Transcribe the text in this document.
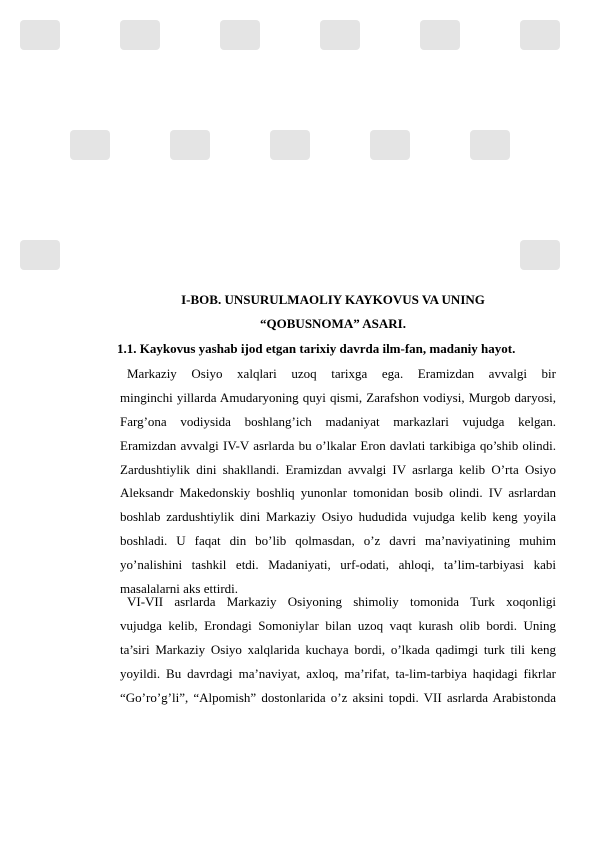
I-BOB. UNSURULMAOLIY KAYKOVUS VA UNING

“QOBUSNOMA” ASARI.

1.1. Kaykovus yashab ijod etgan tarixiy davrda ilm-fan, madaniy hayot.

Markaziy Osiyo xalqlari uzoq tarixga ega. Eramizdan avvalgi bir
minginchi yillarda Amudaryoning quyi qismi, Zarafshon vodiysi, Murgob daryosi,
Farg’ona vodiysida boshlang’ich madaniyat markazlari vujudga kelgan.
Eramizdan avvalgi IV-V asrlarda bu o’lkalar Eron davlati tarkibiga qo’shib olindi.
Zardushtiylik dini shakllandi. Eramizdan avvalgi IV asrlarga kelib O’rta Osiyo
Aleksandr Makedonskiy boshliq yunonlar tomonidan bosib olindi. IV asrlardan
boshlab zardushtiylik dini Markaziy Osiyo hududida vujudga kelib keng yoyila
boshladi. U faqat din bo’lib qolmasdan, o’z davri ma’naviyatining muhim
yo’nalishini tashkil etdi. Madaniyati, urf-odati, ahloqi, ta’lim-tarbiyasi kabi
masalalarni aks ettirdi.
VI-VII asrlarda Markaziy Osiyoning shimoliy tomonida Turk xoqonligi
vujudga kelib, Erondagi Somoniylar bilan uzoq vaqt kurash olib bordi. Uning
ta’siri Markaziy Osiyo xalqlarida kuchaya bordi, o’lkada qadimgi turk tili keng
yoyildi. Bu davrdagi ma’naviyat, axloq, ma’rifat, ta-lim-tarbiya haqidagi fikrlar
“Go’ro’g’li”, “Alpomish” dostonlarida o’z aksini topdi. VII asrlarda Arabistonda
